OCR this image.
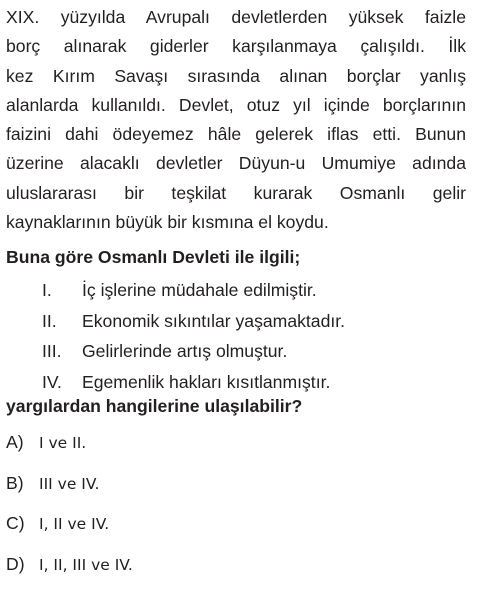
XIX. yüzyılda Avrupalı devletlerden yüksek faizle
borç alınarak giderler karşılanmaya çalışıldı. İlk
kez Kırım Savaşı sırasında alınan borçlar yanlış
alanlarda kullanıldı. Devlet, otuz yıl içinde borçlarının
faizini dahi ödeyemez hâle gelerek iflas etti. Bunun
üzerine alacaklı devletler Düyun-u Umumiye adında
uluslararası bir teşkilat kurarak Osmanlı gelir
kaynaklarının büyük bir kısmına el koydu.

Buna göre Osmanlı Devleti ile ilgili;

I. İç işlerine müdahale edilmiştir.
II. Ekonomik sıkıntılar yaşamaktadır.
III. Gelirlerinde artış olmuştur.
IV. Egemenlik hakları kısıtlanmıştır.

yargılardan hangilerine ulaşılabilir?

A) I ve II.
B) III ve IV.
C) I, II ve IV.
D) I, II, III ve IV.
